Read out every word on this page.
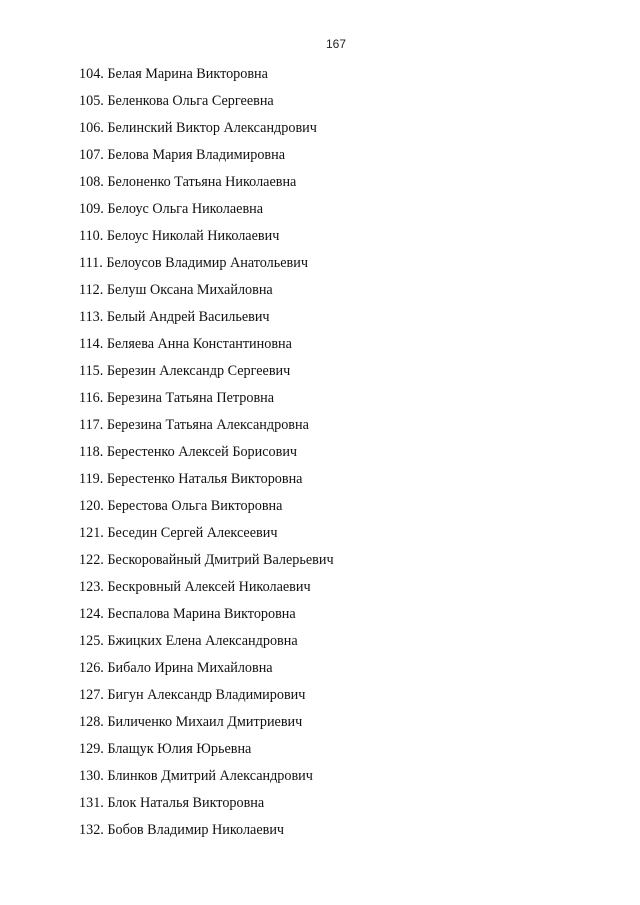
167
104. Белая Марина Викторовна
105. Беленкова Ольга Сергеевна
106. Белинский Виктор Александрович
107. Белова Мария Владимировна
108. Белоненко Татьяна Николаевна
109. Белоус Ольга Николаевна
110. Белоус Николай Николаевич
111. Белоусов Владимир Анатольевич
112. Белуш Оксана Михайловна
113. Белый Андрей Васильевич
114. Беляева Анна Константиновна
115. Березин Александр Сергеевич
116. Березина Татьяна Петровна
117. Березина Татьяна Александровна
118. Берестенко Алексей Борисович
119. Берестенко Наталья Викторовна
120. Берестова Ольга Викторовна
121. Беседин Сергей Алексеевич
122. Бескоровайный Дмитрий Валерьевич
123. Бескровный Алексей Николаевич
124. Беспалова Марина Викторовна
125. Бжицких Елена Александровна
126. Бибало Ирина Михайловна
127. Бигун Александр Владимирович
128. Биличенко Михаил Дмитриевич
129. Блащук Юлия Юрьевна
130. Блинков Дмитрий Александрович
131. Блок Наталья Викторовна
132. Бобов Владимир Николаевич
